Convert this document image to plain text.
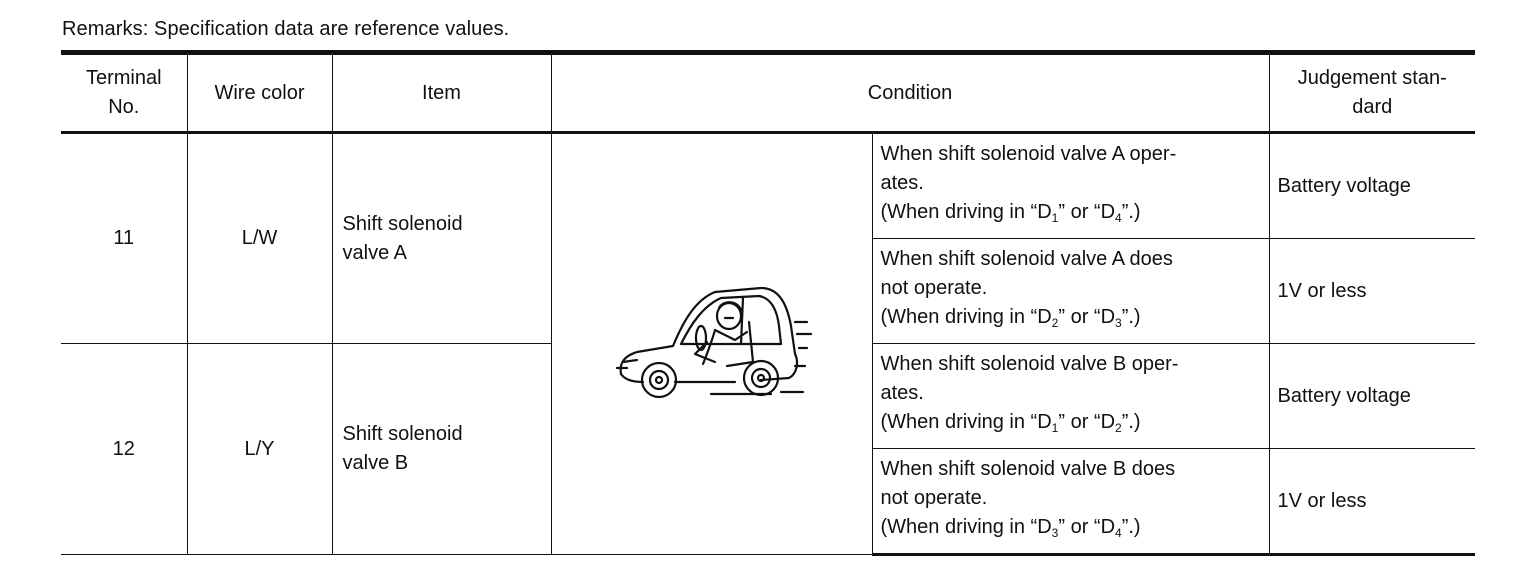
Remarks: Specification data are reference values.
Terminal
No.	Wire color	Item	Condition		Judgement stan-
dard

11	L/W	Shift solenoid
valve A		When shift solenoid valve A oper-
ates.
(When driving in “$D_1$” or “$D_4$”.)	Battery voltage

				When shift solenoid valve A does
not operate.
(When driving in “$D_2$” or “$D_3$”.)	1V or less
12	L/Y	Shift solenoid
valve B		When shift solenoid valve B oper-
ates.
(When driving in “$D_1$” or “$D_2$”.)	Battery voltage

				When shift solenoid valve B does
not operate.
(When driving in “$D_3$” or “$D_4$”.)	1V or less
